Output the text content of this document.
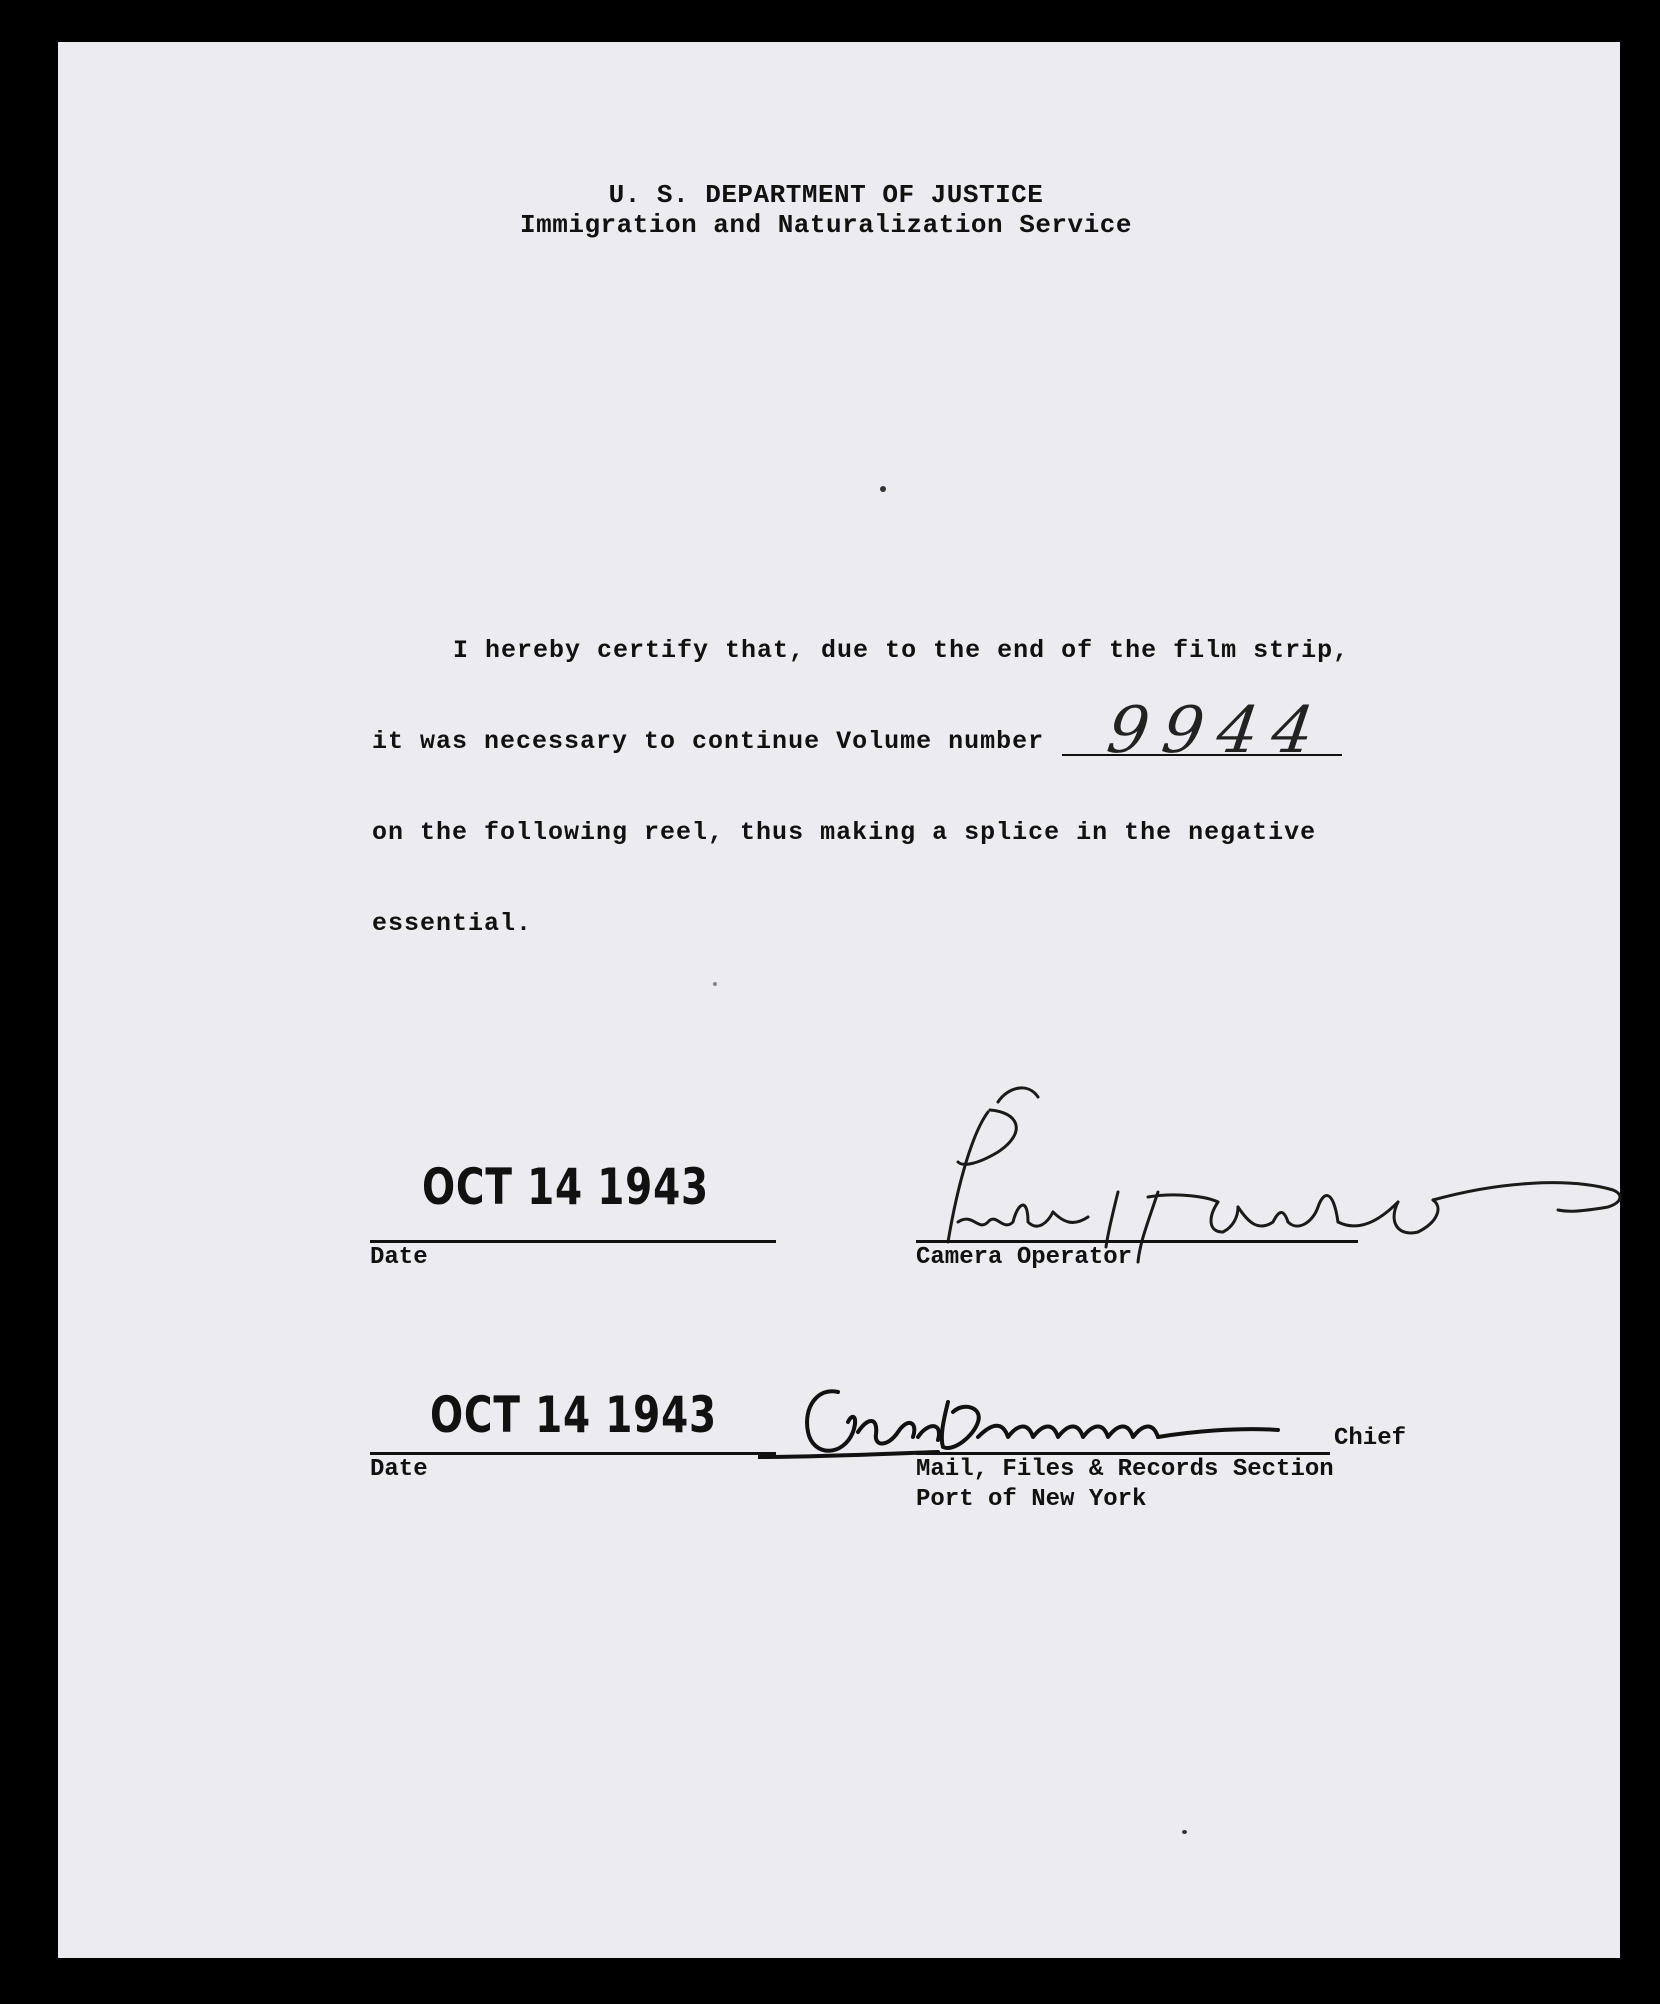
U. S. DEPARTMENT OF JUSTICE
Immigration and Naturalization Service
I hereby certify that, due to the end of the film strip,
it was necessary to continue Volume number 9944
on the following reel, thus making a splice in the negative
essential.
OCT 14 1943
Date	Camera Operator
OCT 14 1943
Date
Chief
Mail, Files & Records Section
Port of New York
